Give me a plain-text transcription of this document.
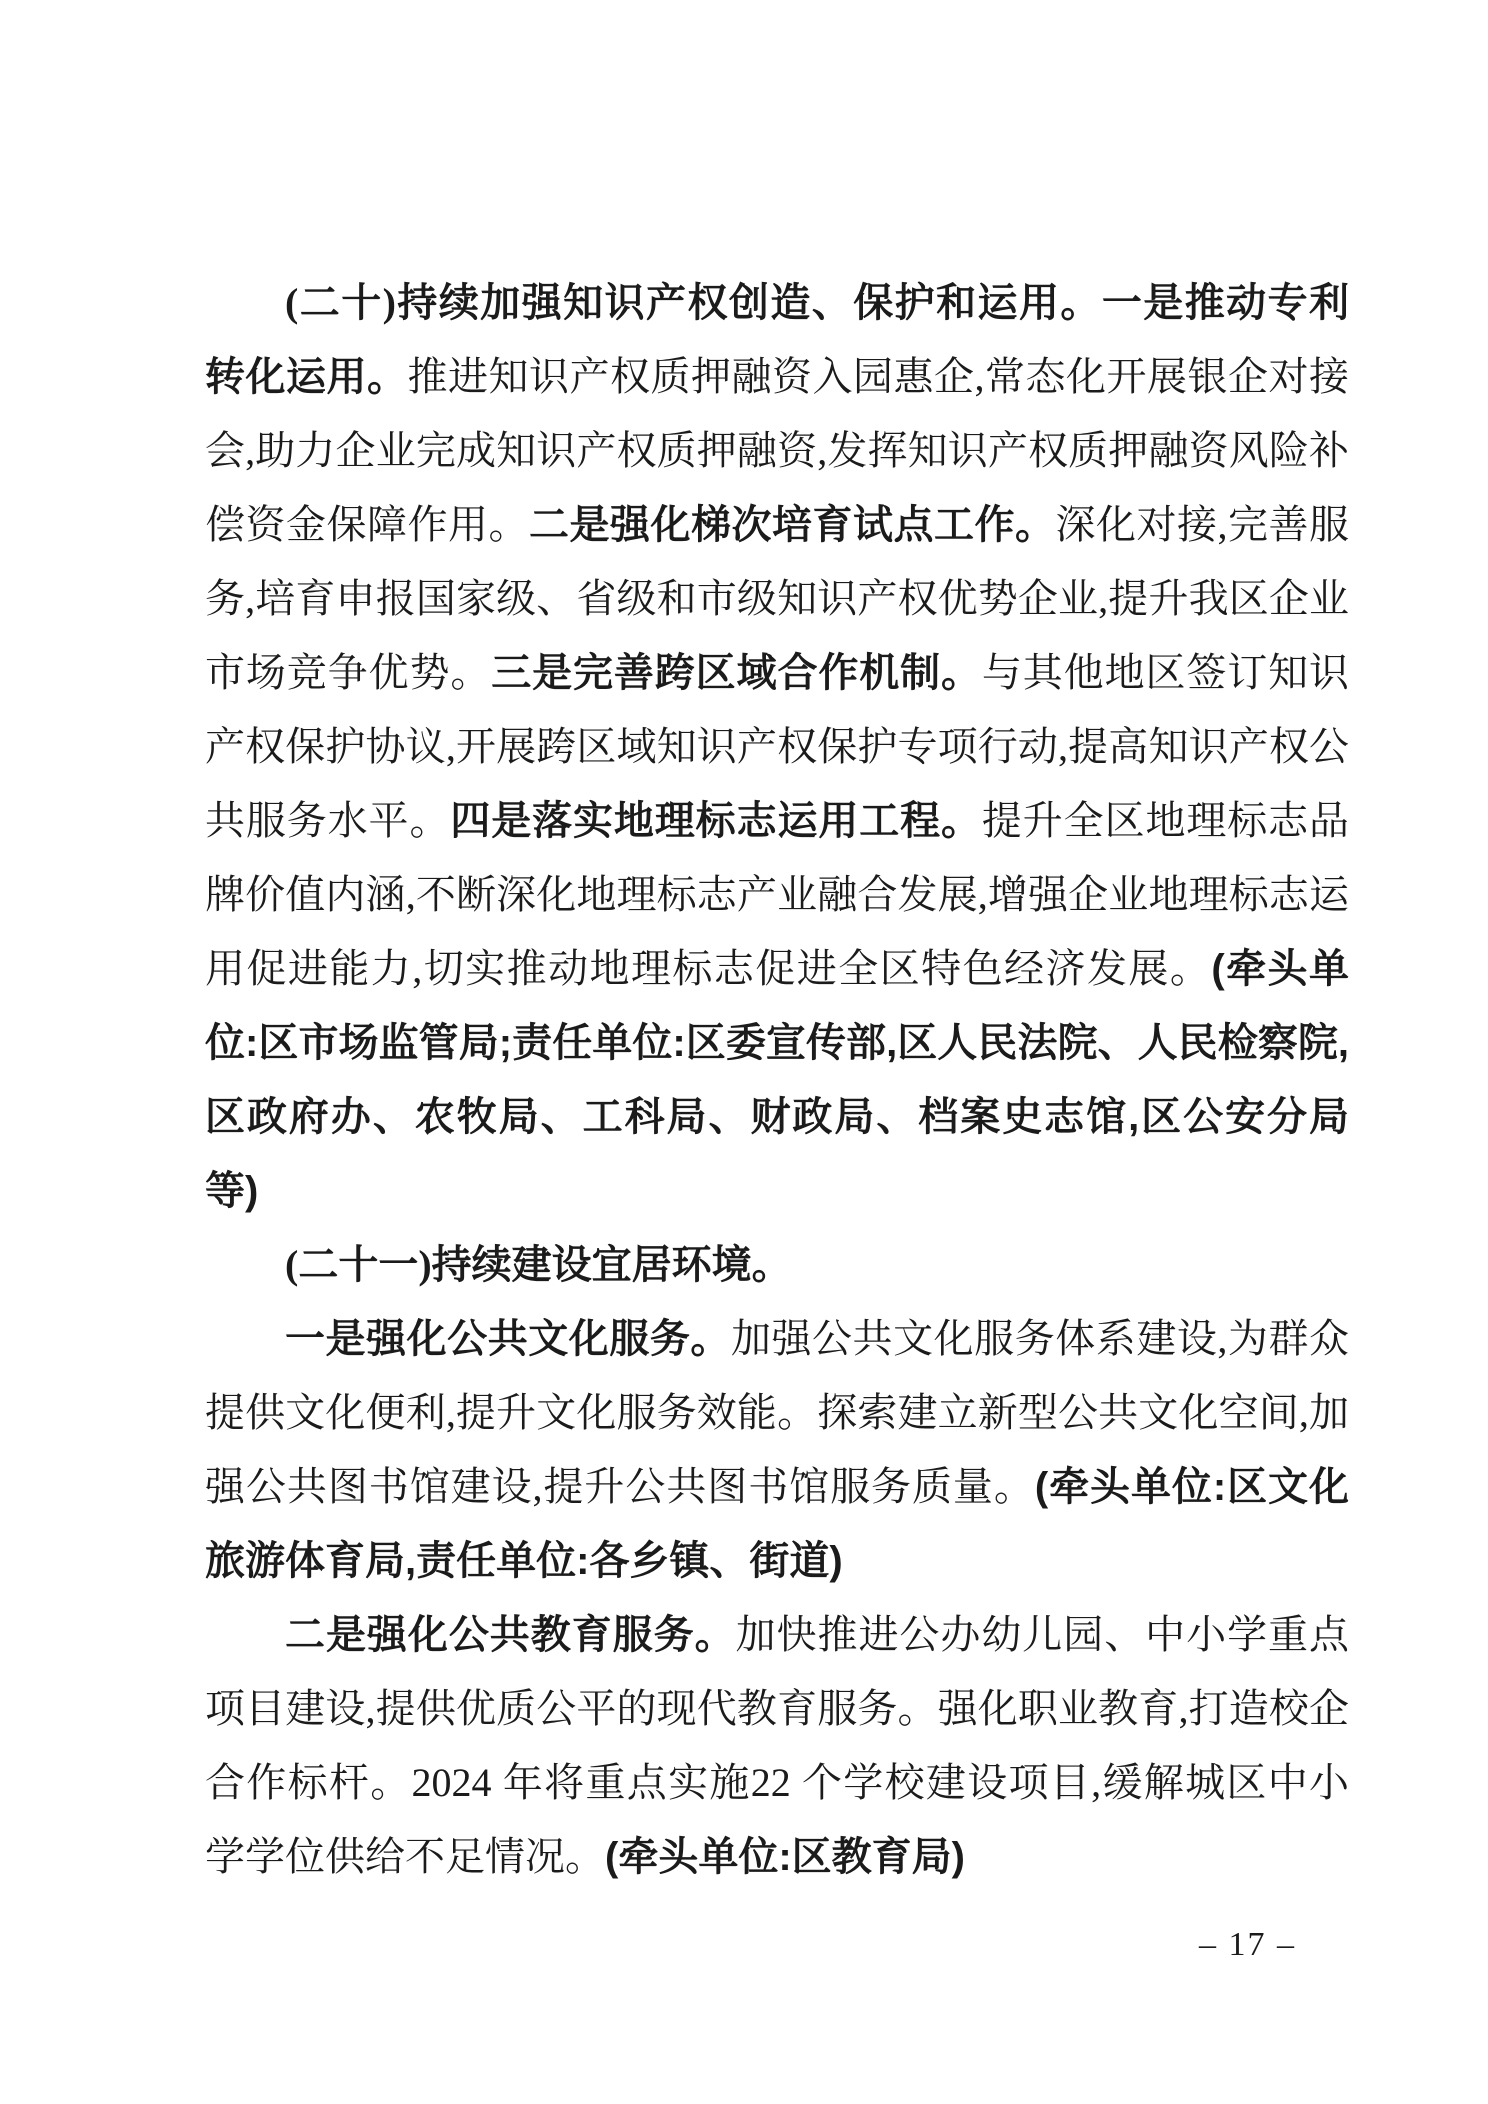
(二十)持续加强知识产权创造、保护和运用。一是推动专利转化运用。推进知识产权质押融资入园惠企,常态化开展银企对接会,助力企业完成知识产权质押融资,发挥知识产权质押融资风险补偿资金保障作用。二是强化梯次培育试点工作。深化对接,完善服务,培育申报国家级、省级和市级知识产权优势企业,提升我区企业市场竞争优势。三是完善跨区域合作机制。与其他地区签订知识产权保护协议,开展跨区域知识产权保护专项行动,提高知识产权公共服务水平。四是落实地理标志运用工程。提升全区地理标志品牌价值内涵,不断深化地理标志产业融合发展,增强企业地理标志运用促进能力,切实推动地理标志促进全区特色经济发展。(牵头单位:区市场监管局;责任单位:区委宣传部,区人民法院、人民检察院,区政府办、农牧局、工科局、财政局、档案史志馆,区公安分局等)

(二十一)持续建设宜居环境。

一是强化公共文化服务。加强公共文化服务体系建设,为群众提供文化便利,提升文化服务效能。探索建立新型公共文化空间,加强公共图书馆建设,提升公共图书馆服务质量。(牵头单位:区文化旅游体育局,责任单位:各乡镇、街道)

二是强化公共教育服务。加快推进公办幼儿园、中小学重点项目建设,提供优质公平的现代教育服务。强化职业教育,打造校企合作标杆。2024 年将重点实施22 个学校建设项目,缓解城区中小学学位供给不足情况。(牵头单位:区教育局)

– 17 –
